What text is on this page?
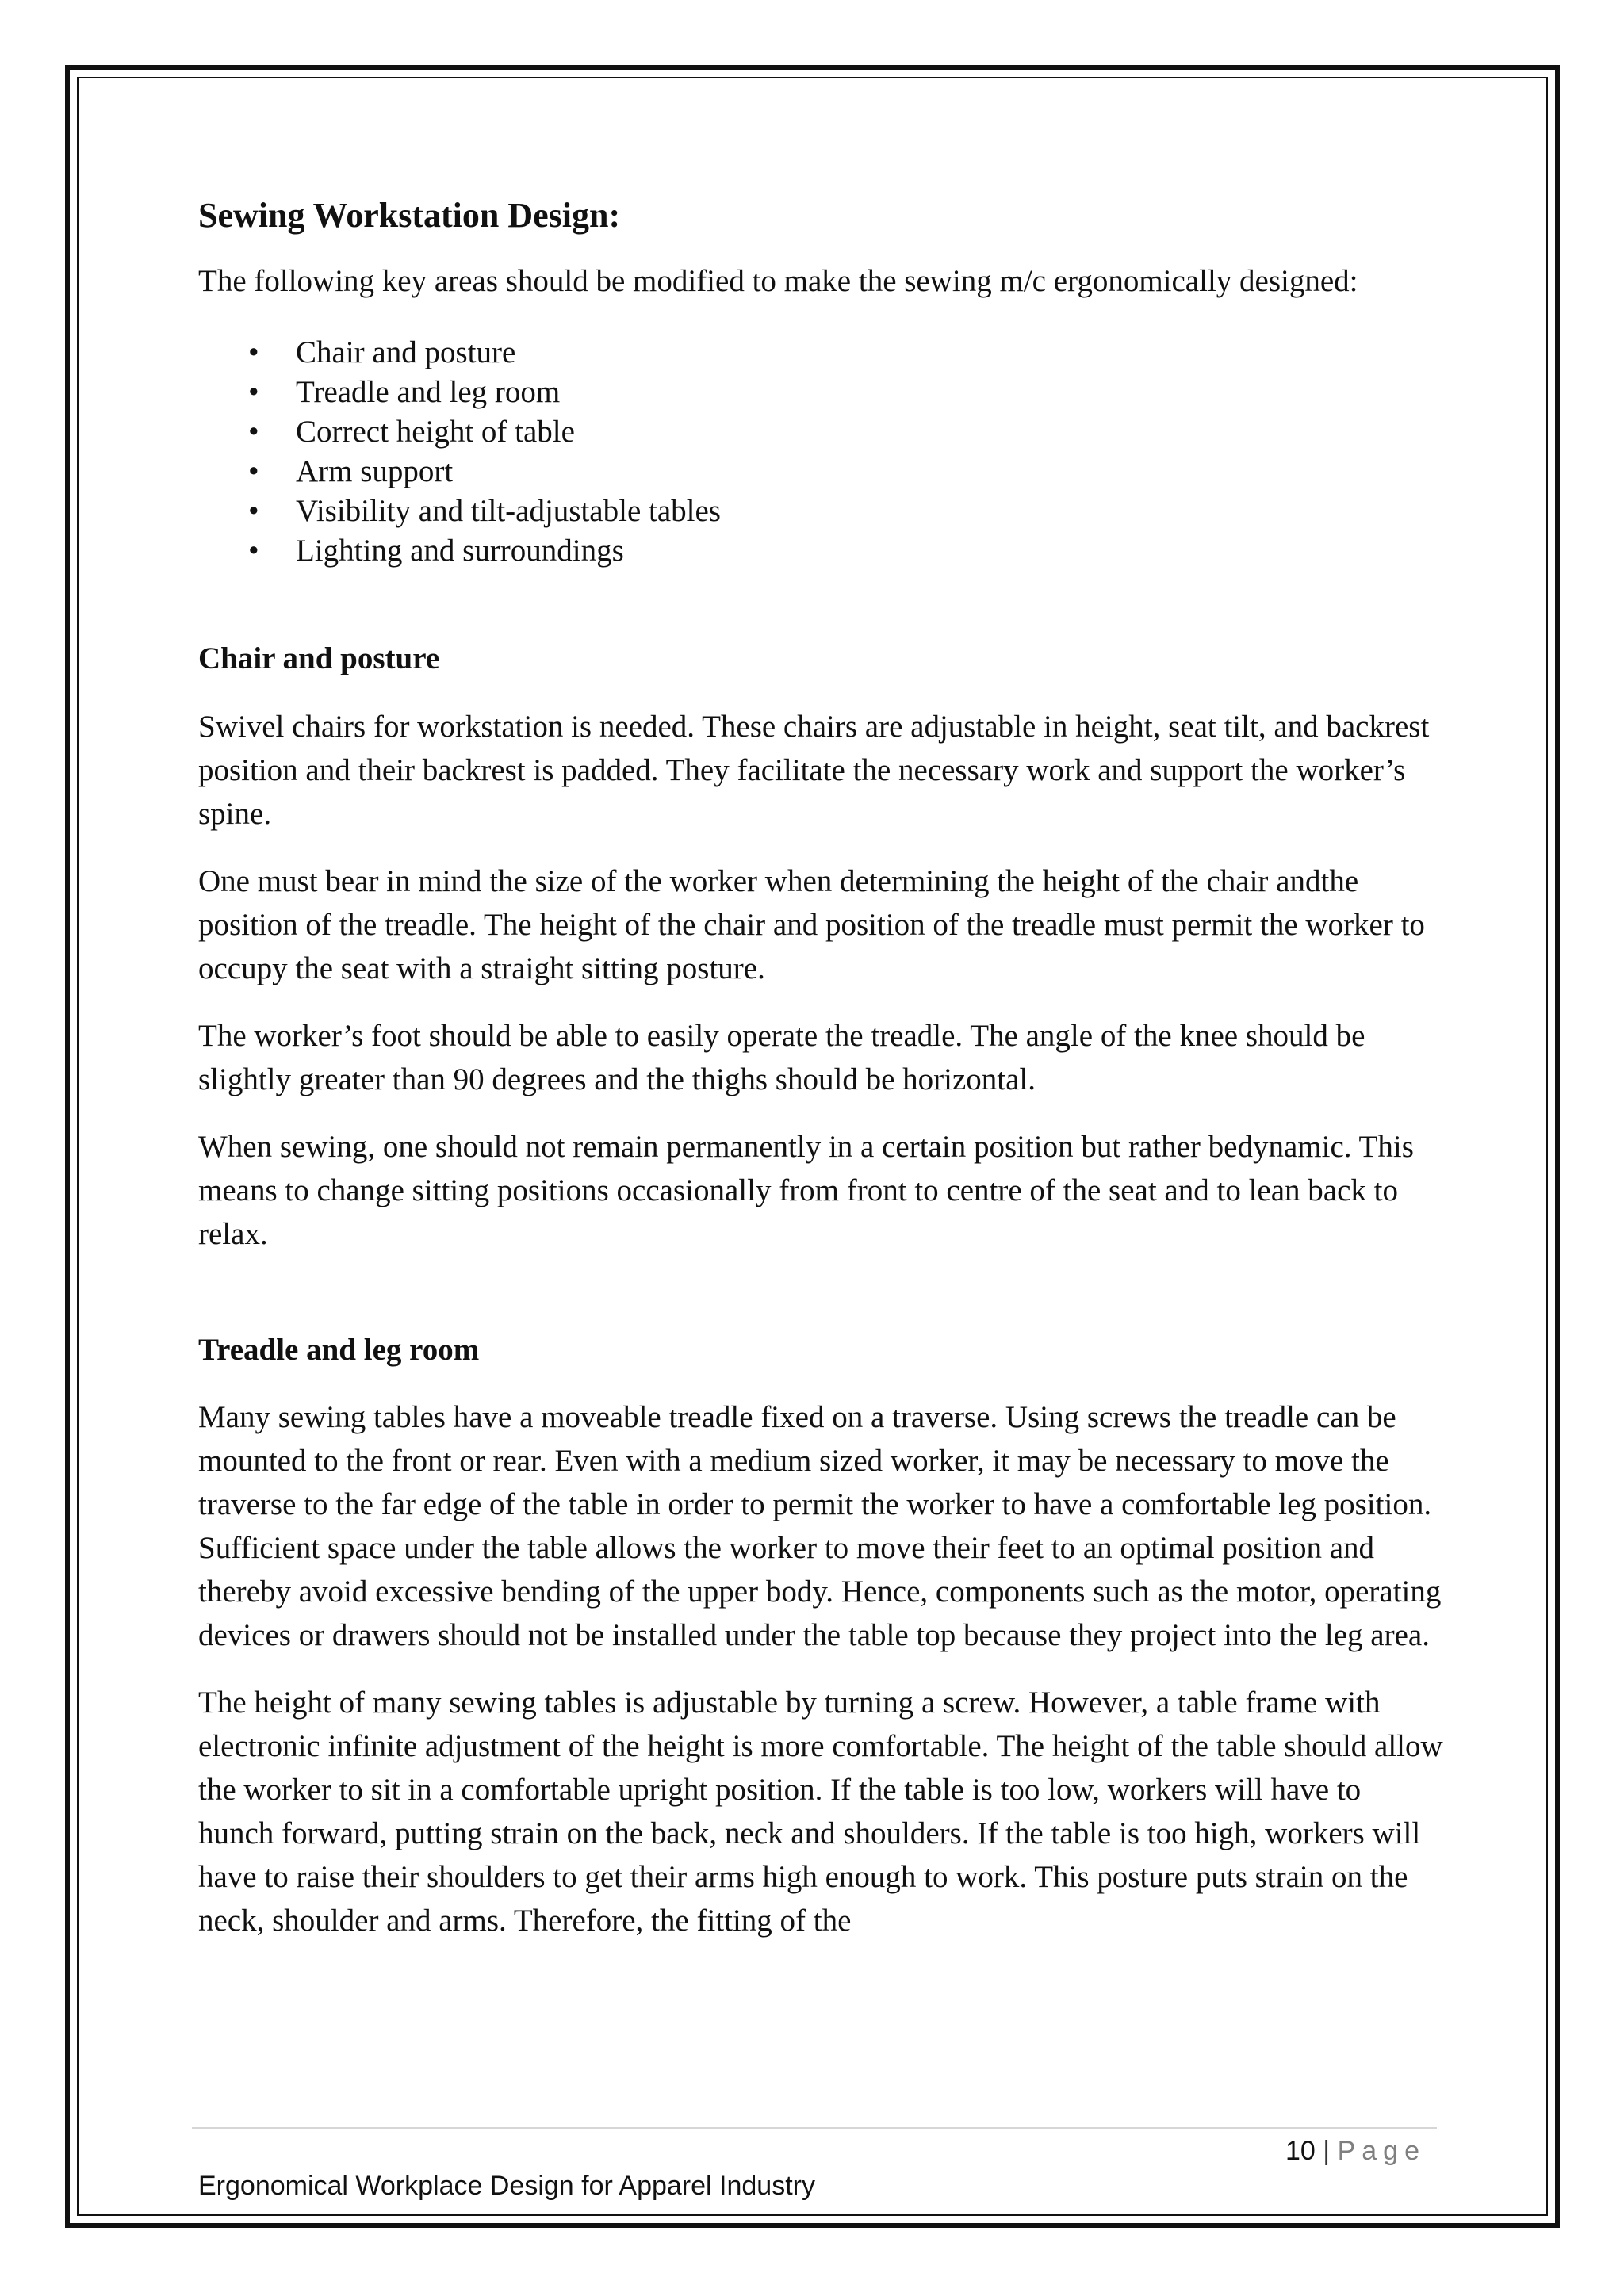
Sewing Workstation Design:

The following key areas should be modified to make the sewing m/c ergonomically designed:

• Chair and posture
• Treadle and leg room
• Correct height of table
• Arm support
• Visibility and tilt-adjustable tables
• Lighting and surroundings
Chair and posture

Swivel chairs for workstation is needed. These chairs are adjustable in height, seat tilt, and backrest position and their backrest is padded. They facilitate the necessary work and support the worker’s spine.

One must bear in mind the size of the worker when determining the height of the chair andthe position of the treadle. The height of the chair and position of the treadle must permit the worker to occupy the seat with a straight sitting posture.

The worker’s foot should be able to easily operate the treadle. The angle of the knee should be slightly greater than 90 degrees and the thighs should be horizontal.

When sewing, one should not remain permanently in a certain position but rather bedynamic. This means to change sitting positions occasionally from front to centre of the seat and to lean back to relax.

Treadle and leg room

Many sewing tables have a moveable treadle fixed on a traverse. Using screws the treadle can be mounted to the front or rear. Even with a medium sized worker, it may be necessary to move the traverse to the far edge of the table in order to permit the worker to have a comfortable leg position. Sufficient space under the table allows the worker to move their feet to an optimal position and thereby avoid excessive bending of the upper body. Hence, components such as the motor, operating devices or drawers should not be installed under the table top because they project into the leg area.

The height of many sewing tables is adjustable by turning a screw. However, a table frame with electronic infinite adjustment of the height is more comfortable. The height of the table should allow the worker to sit in a comfortable upright position. If the table is too low, workers will have to hunch forward, putting strain on the back, neck and shoulders. If the table is too high, workers will have to raise their shoulders to get their arms high enough to work. This posture puts strain on the neck, shoulder and arms. Therefore, the fitting of the

10 | Page
Ergonomical Workplace Design for Apparel Industry
